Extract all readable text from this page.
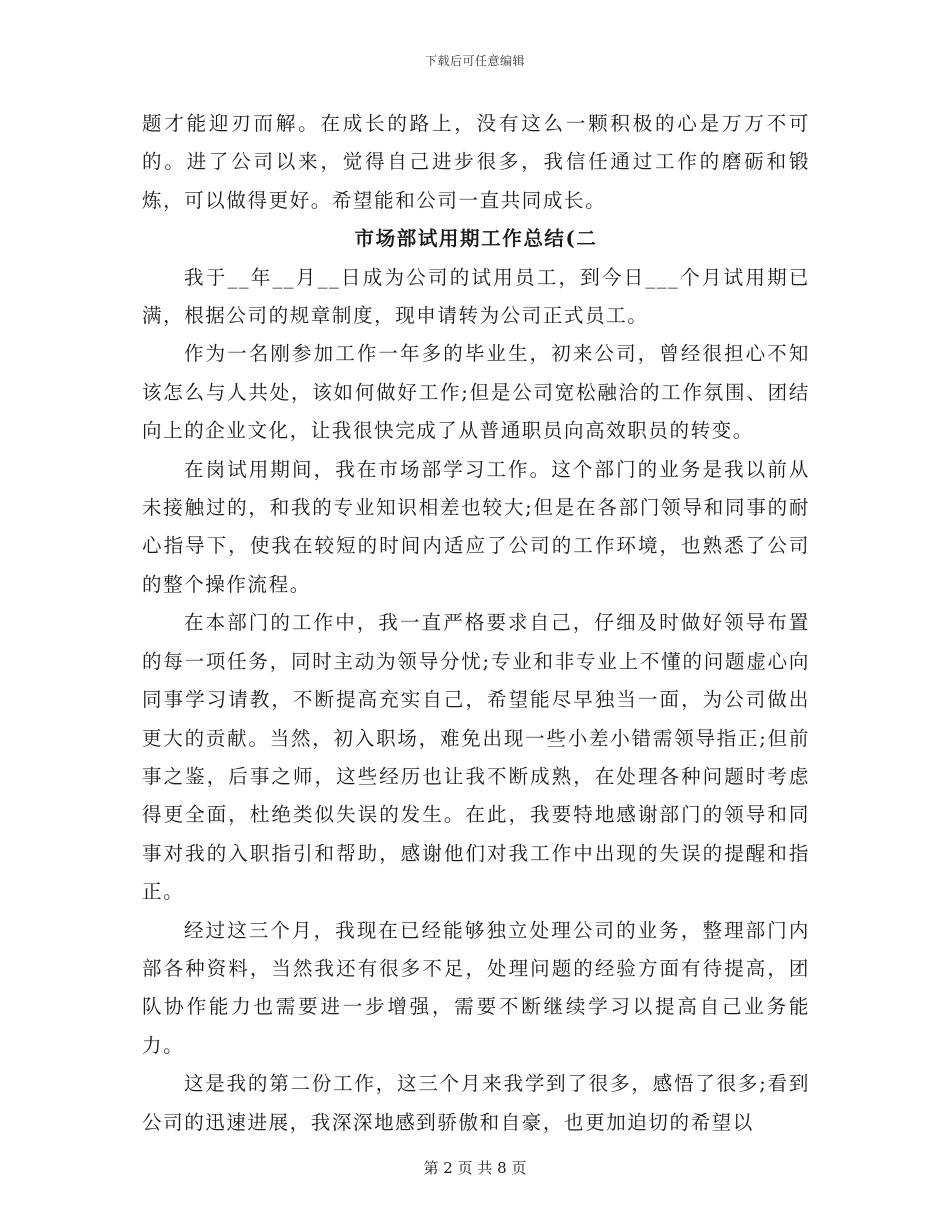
下载后可任意编辑

题才能迎刃而解。在成长的路上，没有这么一颗积极的心是万万不可的。进了公司以来，觉得自己进步很多，我信任通过工作的磨砺和锻炼，可以做得更好。希望能和公司一直共同成长。

市场部试用期工作总结(二

我于__年__月__日成为公司的试用员工，到今日___个月试用期已满，根据公司的规章制度，现申请转为公司正式员工。

作为一名刚参加工作一年多的毕业生，初来公司，曾经很担心不知该怎么与人共处，该如何做好工作;但是公司宽松融洽的工作氛围、团结向上的企业文化，让我很快完成了从普通职员向高效职员的转变。

在岗试用期间，我在市场部学习工作。这个部门的业务是我以前从未接触过的，和我的专业知识相差也较大;但是在各部门领导和同事的耐心指导下，使我在较短的时间内适应了公司的工作环境，也熟悉了公司的整个操作流程。

在本部门的工作中，我一直严格要求自己，仔细及时做好领导布置的每一项任务，同时主动为领导分忧;专业和非专业上不懂的问题虚心向同事学习请教，不断提高充实自己，希望能尽早独当一面，为公司做出更大的贡献。当然，初入职场，难免出现一些小差小错需领导指正;但前事之鉴，后事之师，这些经历也让我不断成熟，在处理各种问题时考虑得更全面，杜绝类似失误的发生。在此，我要特地感谢部门的领导和同事对我的入职指引和帮助，感谢他们对我工作中出现的失误的提醒和指正。

经过这三个月，我现在已经能够独立处理公司的业务，整理部门内部各种资料，当然我还有很多不足，处理问题的经验方面有待提高，团队协作能力也需要进一步增强，需要不断继续学习以提高自己业务能力。

这是我的第二份工作，这三个月来我学到了很多，感悟了很多;看到公司的迅速进展，我深深地感到骄傲和自豪，也更加迫切的希望以

第 2 页 共 8 页
